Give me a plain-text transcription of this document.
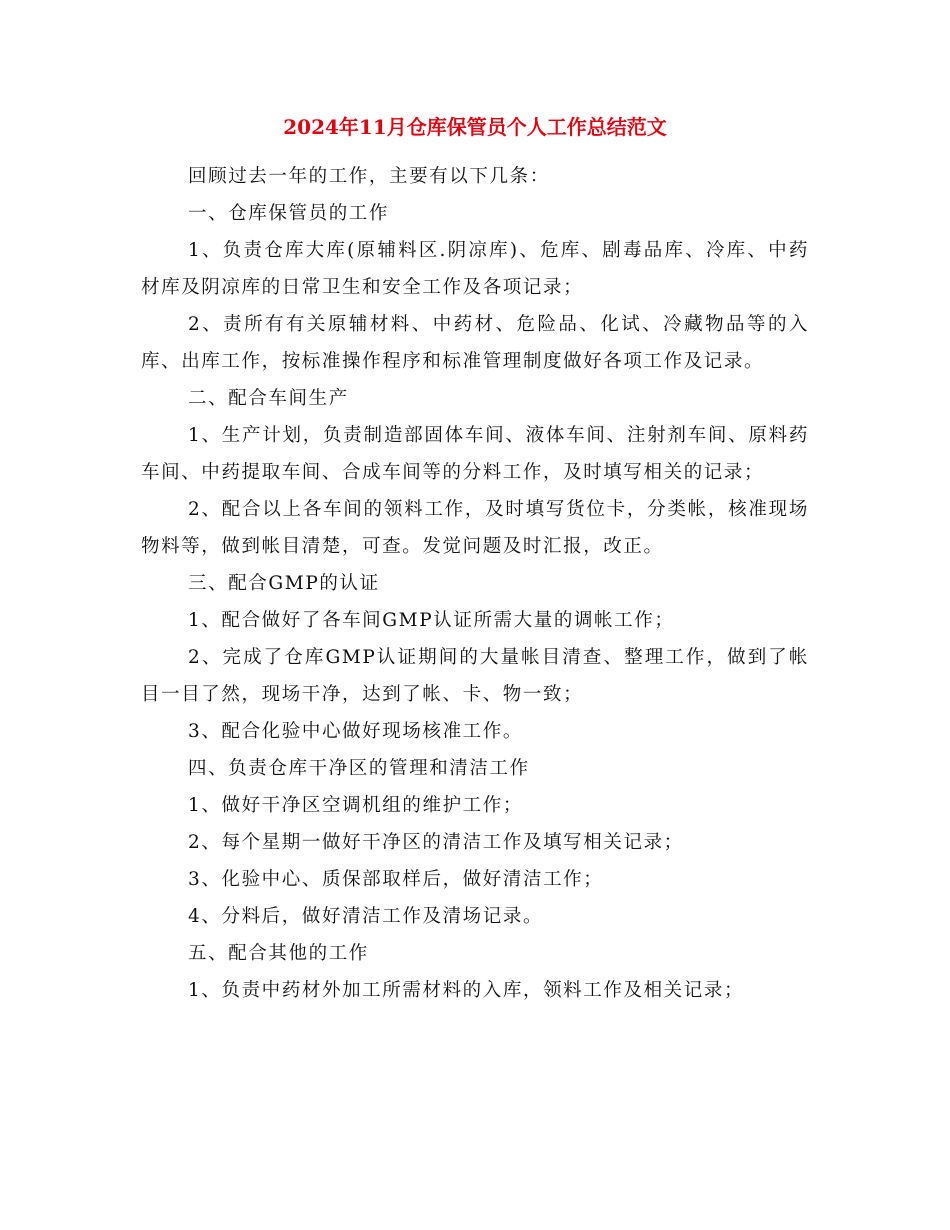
2024年11月仓库保管员个人工作总结范文

回顾过去一年的工作，主要有以下几条：

一、仓库保管员的工作

1、负责仓库大库(原辅料区.阴凉库)、危库、剧毒品库、冷库、中药材库及阴凉库的日常卫生和安全工作及各项记录；

2、责所有有关原辅材料、中药材、危险品、化试、冷藏物品等的入库、出库工作，按标准操作程序和标准管理制度做好各项工作及记录。

二、配合车间生产

1、生产计划，负责制造部固体车间、液体车间、注射剂车间、原料药车间、中药提取车间、合成车间等的分料工作，及时填写相关的记录；

2、配合以上各车间的领料工作，及时填写货位卡，分类帐，核准现场物料等，做到帐目清楚，可查。发觉问题及时汇报，改正。

三、配合GMP的认证

1、配合做好了各车间GMP认证所需大量的调帐工作；

2、完成了仓库GMP认证期间的大量帐目清查、整理工作，做到了帐目一目了然，现场干净，达到了帐、卡、物一致；

3、配合化验中心做好现场核准工作。

四、负责仓库干净区的管理和清洁工作

1、做好干净区空调机组的维护工作；

2、每个星期一做好干净区的清洁工作及填写相关记录；

3、化验中心、质保部取样后，做好清洁工作；

4、分料后，做好清洁工作及清场记录。

五、配合其他的工作

1、负责中药材外加工所需材料的入库，领料工作及相关记录；
